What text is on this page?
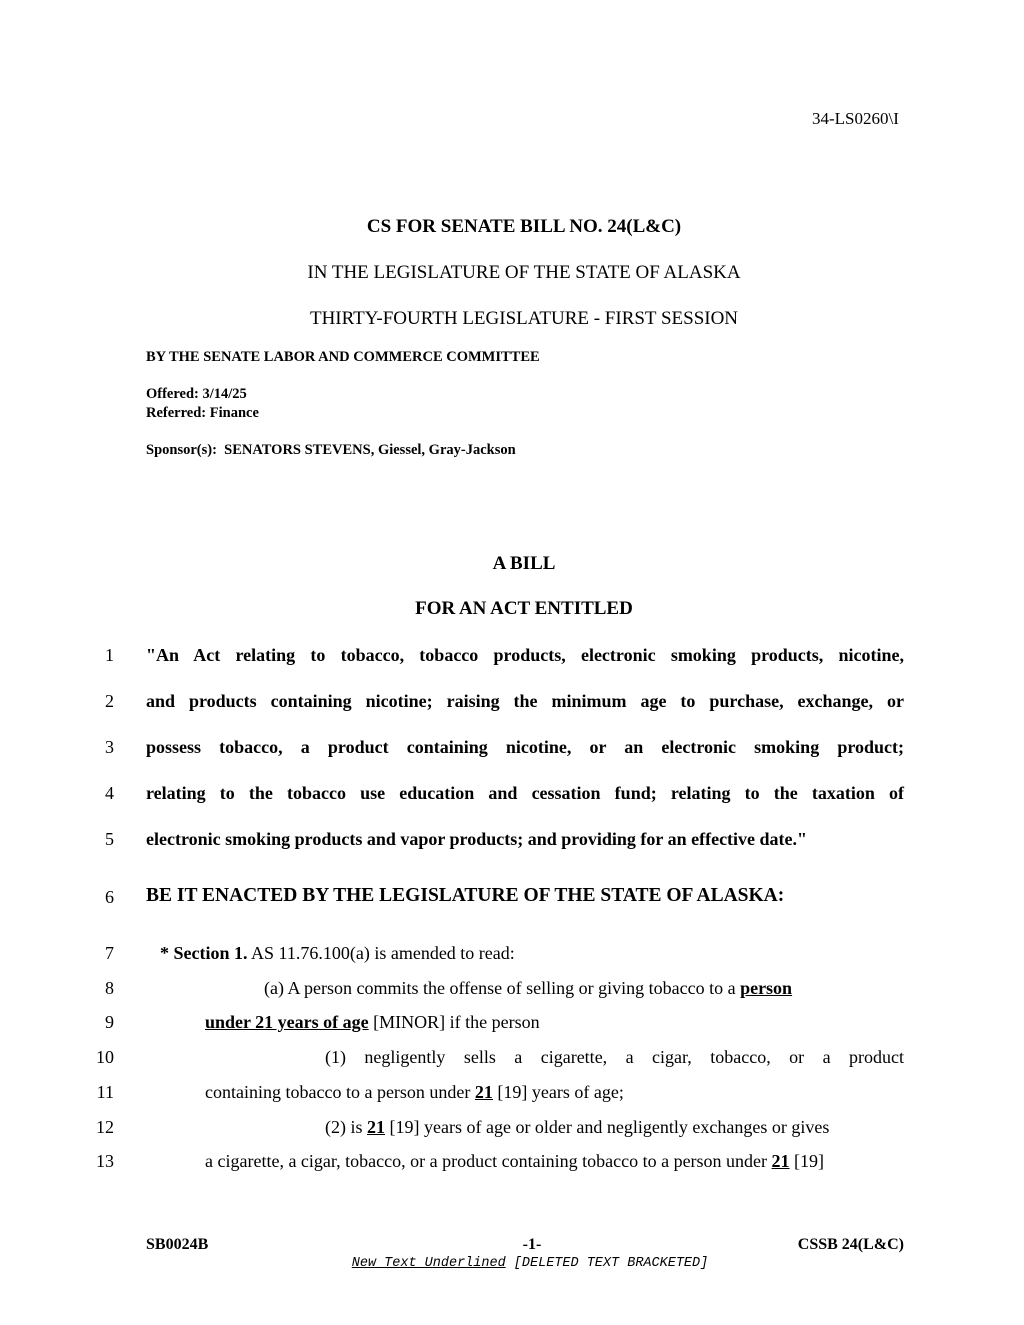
34-LS0260\I
CS FOR SENATE BILL NO. 24(L&C)
IN THE LEGISLATURE OF THE STATE OF ALASKA
THIRTY-FOURTH LEGISLATURE - FIRST SESSION
BY THE SENATE LABOR AND COMMERCE COMMITTEE
Offered: 3/14/25
Referred: Finance
Sponsor(s): SENATORS STEVENS, Giessel, Gray-Jackson
A BILL
FOR AN ACT ENTITLED
1
2
3
4
5
6
7
8
9
10
11
12
13
"An Act relating to tobacco, tobacco products, electronic smoking products, nicotine,
and products containing nicotine; raising the minimum age to purchase, exchange, or
possess tobacco, a product containing nicotine, or an electronic smoking product;
relating to the tobacco use education and cessation fund; relating to the taxation of
electronic smoking products and vapor products; and providing for an effective date."
BE IT ENACTED BY THE LEGISLATURE OF THE STATE OF ALASKA:
* Section 1. AS 11.76.100(a) is amended to read:
(a) A person commits the offense of selling or giving tobacco to a person
under 21 years of age [MINOR] if the person
(1) negligently sells a cigarette, a cigar, tobacco, or a product
containing tobacco to a person under 21 [19] years of age;
(2) is 21 [19] years of age or older and negligently exchanges or gives
a cigarette, a cigar, tobacco, or a product containing tobacco to a person under 21 [19]
SB0024B	-1-	CSSB 24(L&C)
New Text Underlined [DELETED TEXT BRACKETED]
